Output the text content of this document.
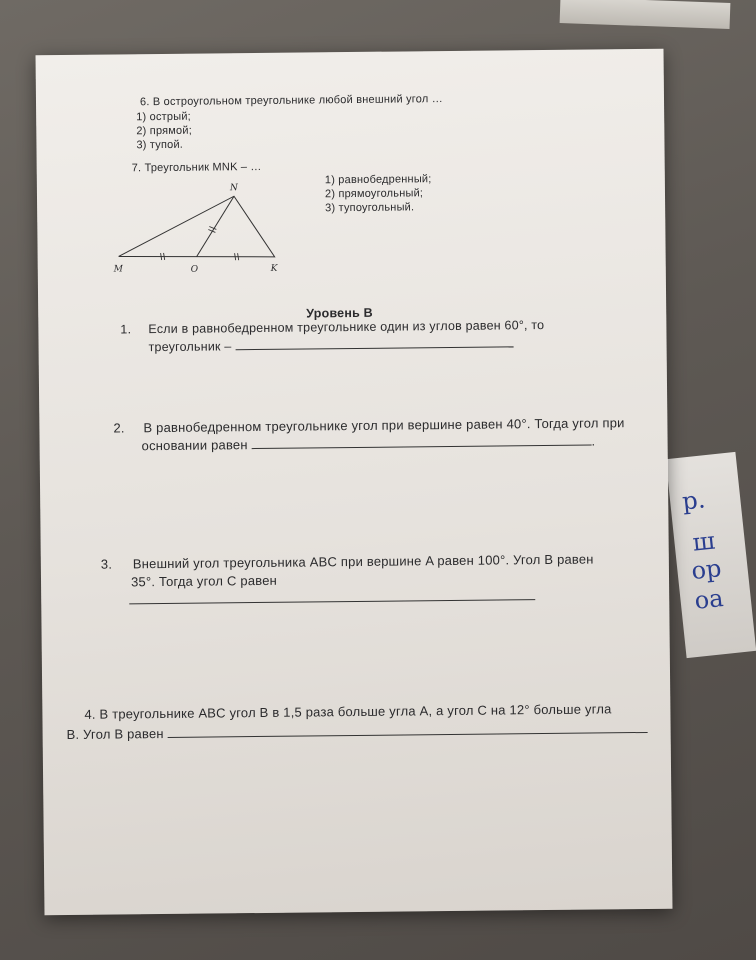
р.
ш
ор
оа
6. В остроугольном треугольнике любой внешний угол …
1) острый;
2) прямой;
3) тупой.
7. Треугольник MNK – …
1) равнобедренный;
2) прямоугольный;
3) тупоугольный.
N
M	O	K
Уровень В
1. Если в равнобедренном треугольнике один из углов равен 60°, то
треугольник –
2. В равнобедренном треугольнике угол при вершине равен 40°. Тогда угол при
основании равен	.
3. Внешний угол треугольника ABC при вершине A равен 100°. Угол B равен
35°. Тогда угол C равен
4. В треугольнике ABC угол B в 1,5 раза больше угла A, а угол C на 12° больше угла
B. Угол B равен
